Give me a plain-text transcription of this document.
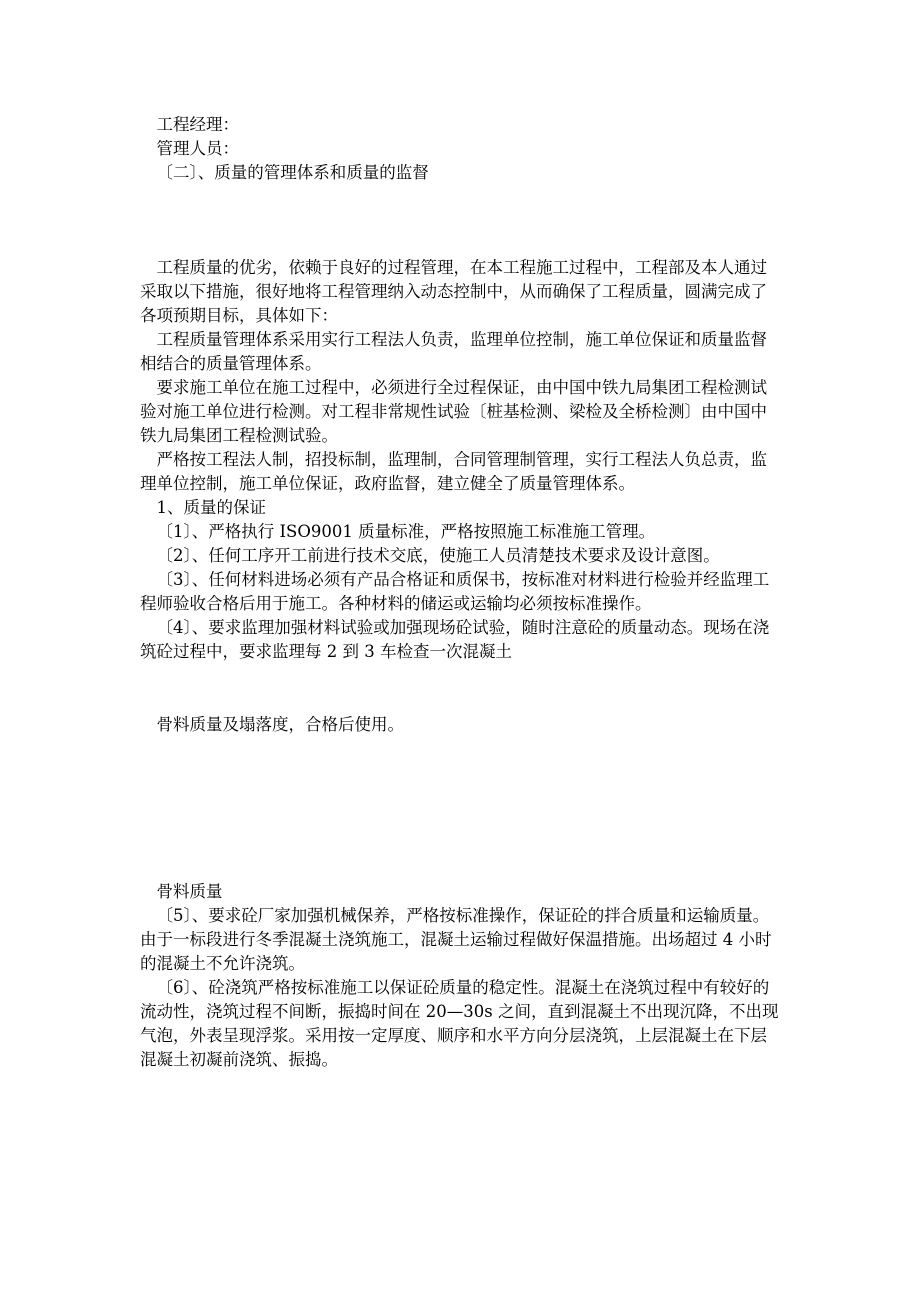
工程经理：

管理人员：

〔二〕、质量的管理体系和质量的监督

工程质量的优劣，依赖于良好的过程管理，在本工程施工过程中，工程部及本人通过采取以下措施，很好地将工程管理纳入动态控制中，从而确保了工程质量，圆满完成了各项预期目标，具体如下：

工程质量管理体系采用实行工程法人负责，监理单位控制，施工单位保证和质量监督相结合的质量管理体系。

要求施工单位在施工过程中，必须进行全过程保证，由中国中铁九局集团工程检测试验对施工单位进行检测。对工程非常规性试验〔桩基检测、梁检及全桥检测〕由中国中铁九局集团工程检测试验。

严格按工程法人制，招投标制，监理制，合同管理制管理，实行工程法人负总责，监理单位控制，施工单位保证，政府监督，建立健全了质量管理体系。

1、质量的保证

〔1〕、严格执行 ISO9001 质量标准，严格按照施工标准施工管理。

〔2〕、任何工序开工前进行技术交底，使施工人员清楚技术要求及设计意图。

〔3〕、任何材料进场必须有产品合格证和质保书，按标准对材料进行检验并经监理工程师验收合格后用于施工。各种材料的储运或运输均必须按标准操作。

〔4〕、要求监理加强材料试验或加强现场砼试验，随时注意砼的质量动态。现场在浇筑砼过程中，要求监理每 2 到 3 车检查一次混凝土

骨料质量及塌落度，合格后使用。

骨料质量

〔5〕、要求砼厂家加强机械保养，严格按标准操作，保证砼的拌合质量和运输质量。由于一标段进行冬季混凝土浇筑施工，混凝土运输过程做好保温措施。出场超过 4 小时的混凝土不允许浇筑。

〔6〕、砼浇筑严格按标准施工以保证砼质量的稳定性。混凝土在浇筑过程中有较好的流动性，浇筑过程不间断，振捣时间在 20—30s 之间，直到混凝土不出现沉降，不出现气泡，外表呈现浮浆。采用按一定厚度、顺序和水平方向分层浇筑，上层混凝土在下层混凝土初凝前浇筑、振捣。
